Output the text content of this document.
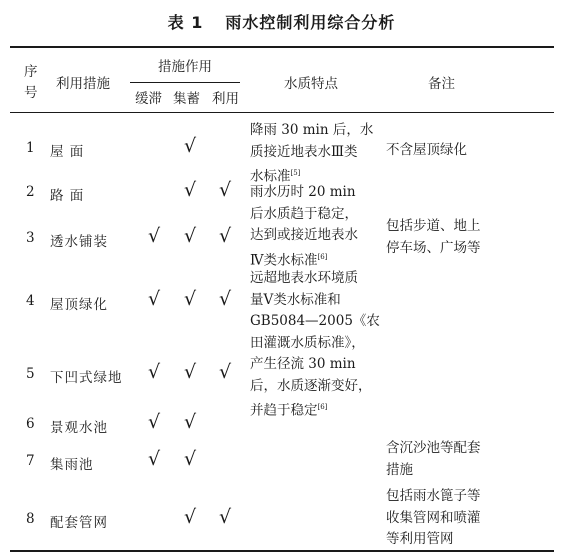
表 1 雨水控制利用综合分析
序
号
利用措施
措施作用
缓滞 集蓄 利用
水质特点	备注
1 屋 面
2 路 面
3 透水铺装
4 屋顶绿化
5 下凹式绿地
6 景观水池
7 集雨池
8 配套管网
√
√ √
√ √ √
√ √ √
√ √ √
√ √
√ √
√ √
降雨 30 min 后，水
质接近地表水Ⅲ类
水标准[5]
雨水历时 20 min
后水质趋于稳定，
达到或接近地表水
Ⅳ类水标准[6]
远超地表水环境质
量Ⅴ类水标准和
GB5084—2005《农
田灌溉水质标准》，
产生径流 30 min
后，水质逐渐变好，
并趋于稳定[6]
不含屋顶绿化
包括步道、地上
停车场、广场等
含沉沙池等配套
措施
包括雨水篦子等
收集管网和喷灌
等利用管网
